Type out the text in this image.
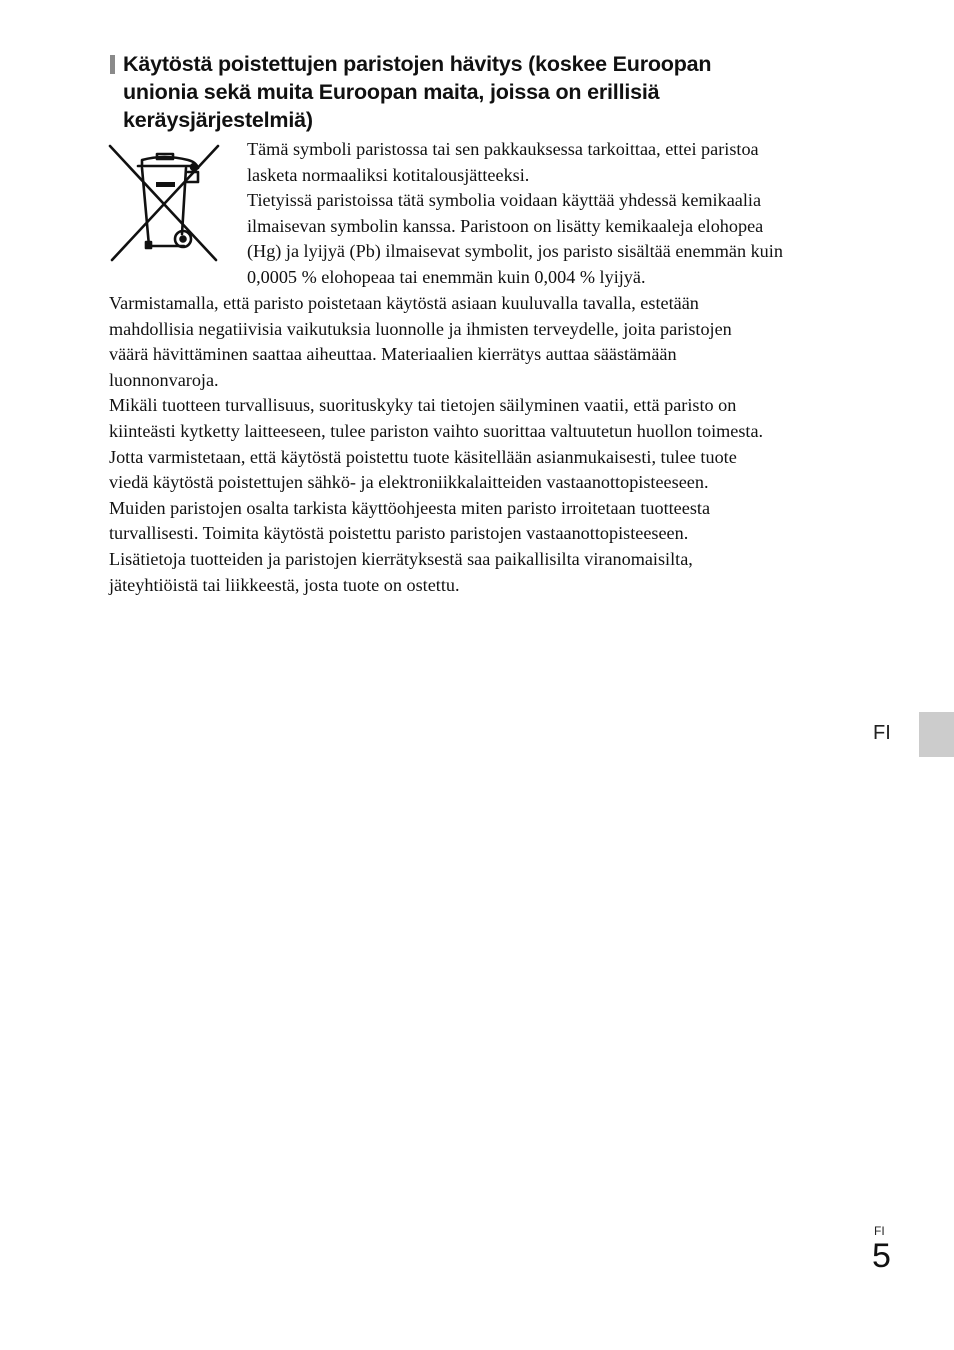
Käytöstä poistettujen paristojen hävitys (koskee Euroopan
unionia sekä muita Euroopan maita, joissa on erillisiä
keräysjärjestelmiä)
Tämä symboli paristossa tai sen pakkauksessa tarkoittaa, ettei paristoa
lasketa normaaliksi kotitalousjätteeksi.
Tietyissä paristoissa tätä symbolia voidaan käyttää yhdessä kemikaalia
ilmaisevan symbolin kanssa. Paristoon on lisätty kemikaaleja elohopea
(Hg) ja lyijyä (Pb) ilmaisevat symbolit, jos paristo sisältää enemmän kuin
0,0005 % elohopeaa tai enemmän kuin 0,004 % lyijyä.
Varmistamalla, että paristo poistetaan käytöstä asiaan kuuluvalla tavalla, estetään
mahdollisia negatiivisia vaikutuksia luonnolle ja ihmisten terveydelle, joita paristojen
väärä hävittäminen saattaa aiheuttaa. Materiaalien kierrätys auttaa säästämään
luonnonvaroja.
Mikäli tuotteen turvallisuus, suorituskyky tai tietojen säilyminen vaatii, että paristo on
kiinteästi kytketty laitteeseen, tulee pariston vaihto suorittaa valtuutetun huollon toimesta.
Jotta varmistetaan, että käytöstä poistettu tuote käsitellään asianmukaisesti, tulee tuote
viedä käytöstä poistettujen sähkö- ja elektroniikkalaitteiden vastaanottopisteeseen.
Muiden paristojen osalta tarkista käyttöohjeesta miten paristo irroitetaan tuotteesta
turvallisesti. Toimita käytöstä poistettu paristo paristojen vastaanottopisteeseen.
Lisätietoja tuotteiden ja paristojen kierrätyksestä saa paikallisilta viranomaisilta,
jäteyhtiöistä tai liikkeestä, josta tuote on ostettu.
FI
FI
5
